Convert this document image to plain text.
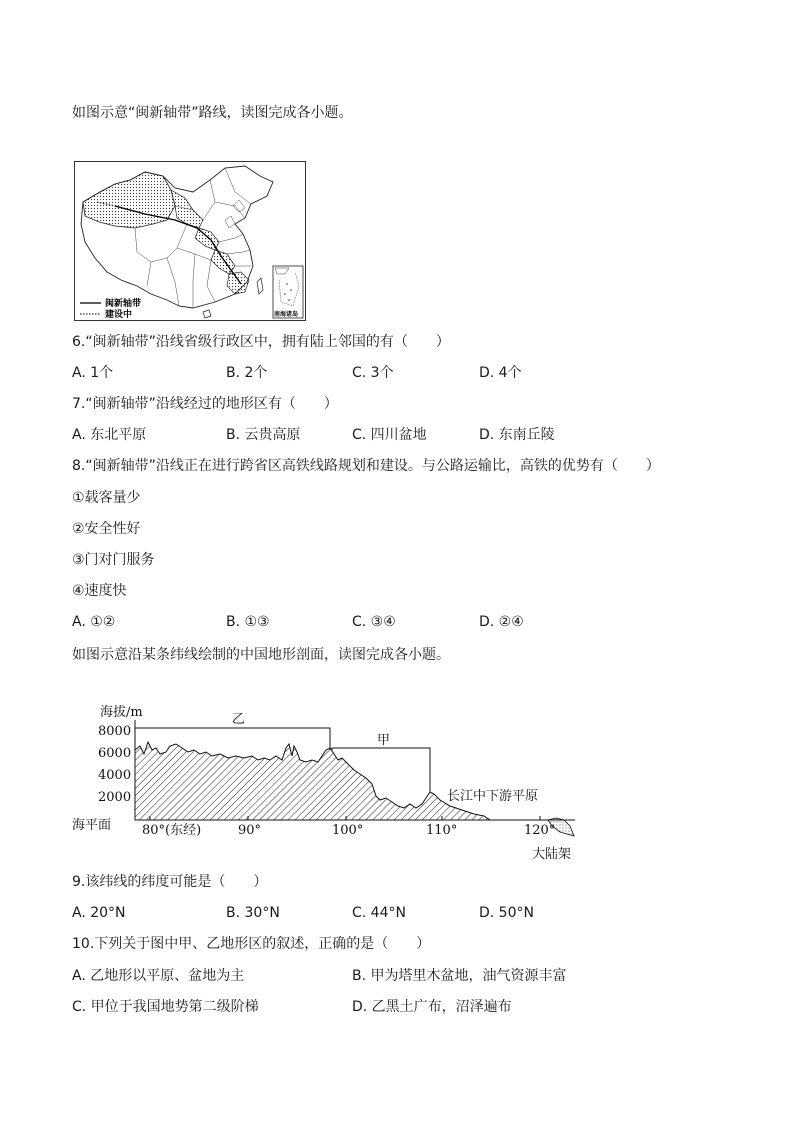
如图示意“闽新轴带”路线，读图完成各小题。
闽新轴带
建设中	南海诸岛
6.“闽新轴带”沿线省级行政区中，拥有陆上邻国的有（　　）
A. 1个	B. 2个	C. 3个	D. 4个
7.“闽新轴带”沿线经过的地形区有（　　）
A. 东北平原	B. 云贵高原	C. 四川盆地	D. 东南丘陵
8.“闽新轴带”沿线正在进行跨省区高铁线路规划和建设。与公路运输比，高铁的优势有（　　）
①载客量少
②安全性好
③门对门服务
④速度快
A. ①②	B. ①③	C. ③④	D. ②④
如图示意沿某条纬线绘制的中国地形剖面，读图完成各小题。
海拔/m
8000
6000
4000
2000
海平面 80°(东经)	90°	100°	110°	120°
乙
甲
长江中下游平原
大陆架
9.该纬线的纬度可能是（　　）
A. 20°N	B. 30°N	C. 44°N	D. 50°N
10.下列关于图中甲、乙地形区的叙述，正确的是（　　）
A. 乙地形以平原、盆地为主	B. 甲为塔里木盆地，油气资源丰富
C. 甲位于我国地势第二级阶梯	D. 乙黑土广布，沼泽遍布
